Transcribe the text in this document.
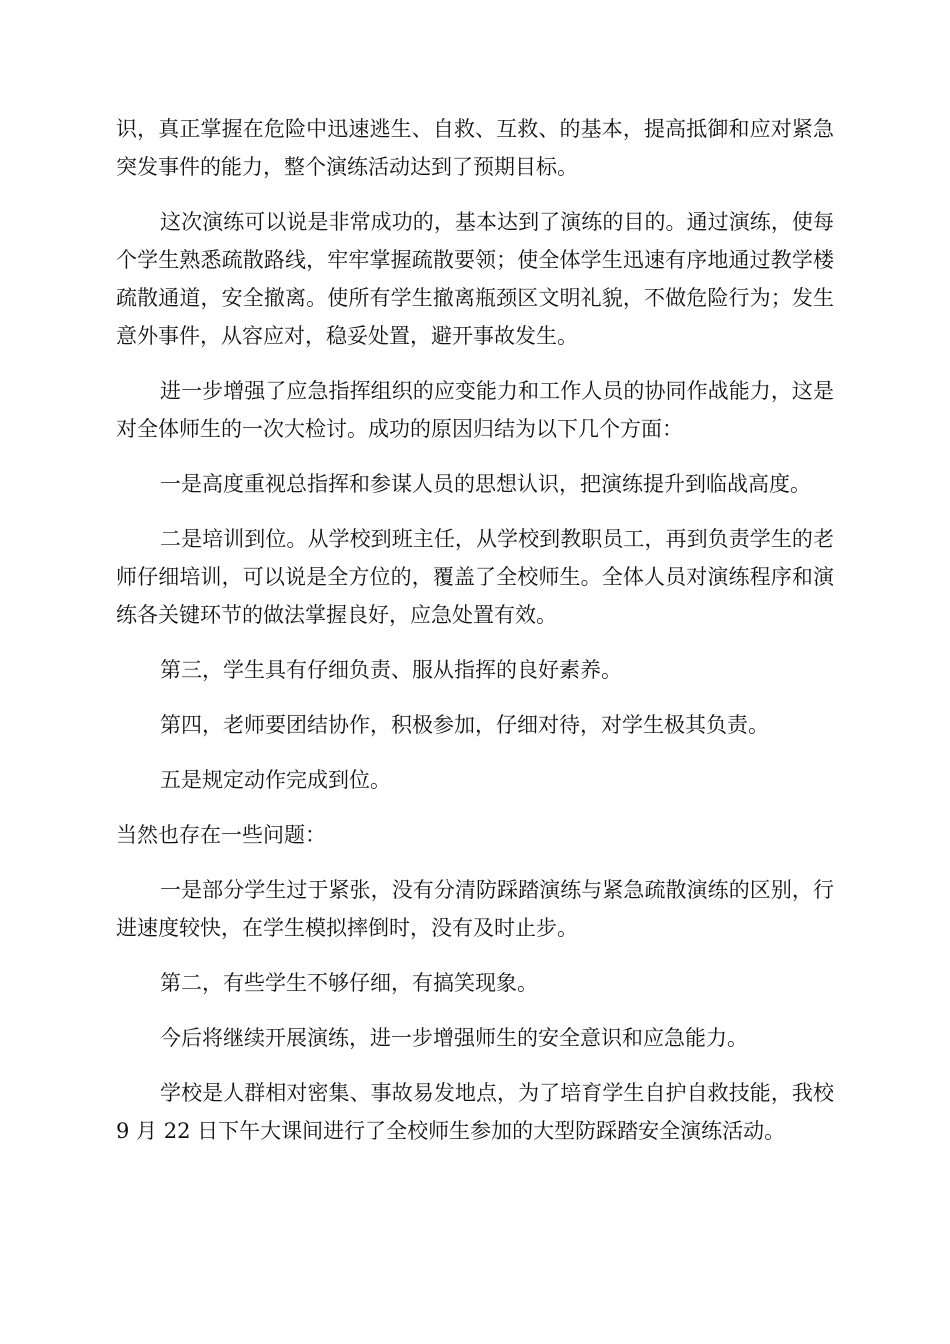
识，真正掌握在危险中迅速逃生、自救、互救、的基本，提高抵御和应对紧急突发事件的能力，整个演练活动达到了预期目标。

这次演练可以说是非常成功的，基本达到了演练的目的。通过演练，使每个学生熟悉疏散路线，牢牢掌握疏散要领；使全体学生迅速有序地通过教学楼疏散通道，安全撤离。使所有学生撤离瓶颈区文明礼貌，不做危险行为；发生意外事件，从容应对，稳妥处置，避开事故发生。

进一步增强了应急指挥组织的应变能力和工作人员的协同作战能力，这是对全体师生的一次大检讨。成功的原因归结为以下几个方面：

一是高度重视总指挥和参谋人员的思想认识，把演练提升到临战高度。

二是培训到位。从学校到班主任，从学校到教职员工，再到负责学生的老师仔细培训，可以说是全方位的，覆盖了全校师生。全体人员对演练程序和演练各关键环节的做法掌握良好，应急处置有效。

第三，学生具有仔细负责、服从指挥的良好素养。

第四，老师要团结协作，积极参加，仔细对待，对学生极其负责。

五是规定动作完成到位。

当然也存在一些问题：

一是部分学生过于紧张，没有分清防踩踏演练与紧急疏散演练的区别，行进速度较快，在学生模拟摔倒时，没有及时止步。

第二，有些学生不够仔细，有搞笑现象。

今后将继续开展演练，进一步增强师生的安全意识和应急能力。

学校是人群相对密集、事故易发地点，为了培育学生自护自救技能，我校 9 月 22 日下午大课间进行了全校师生参加的大型防踩踏安全演练活动。
